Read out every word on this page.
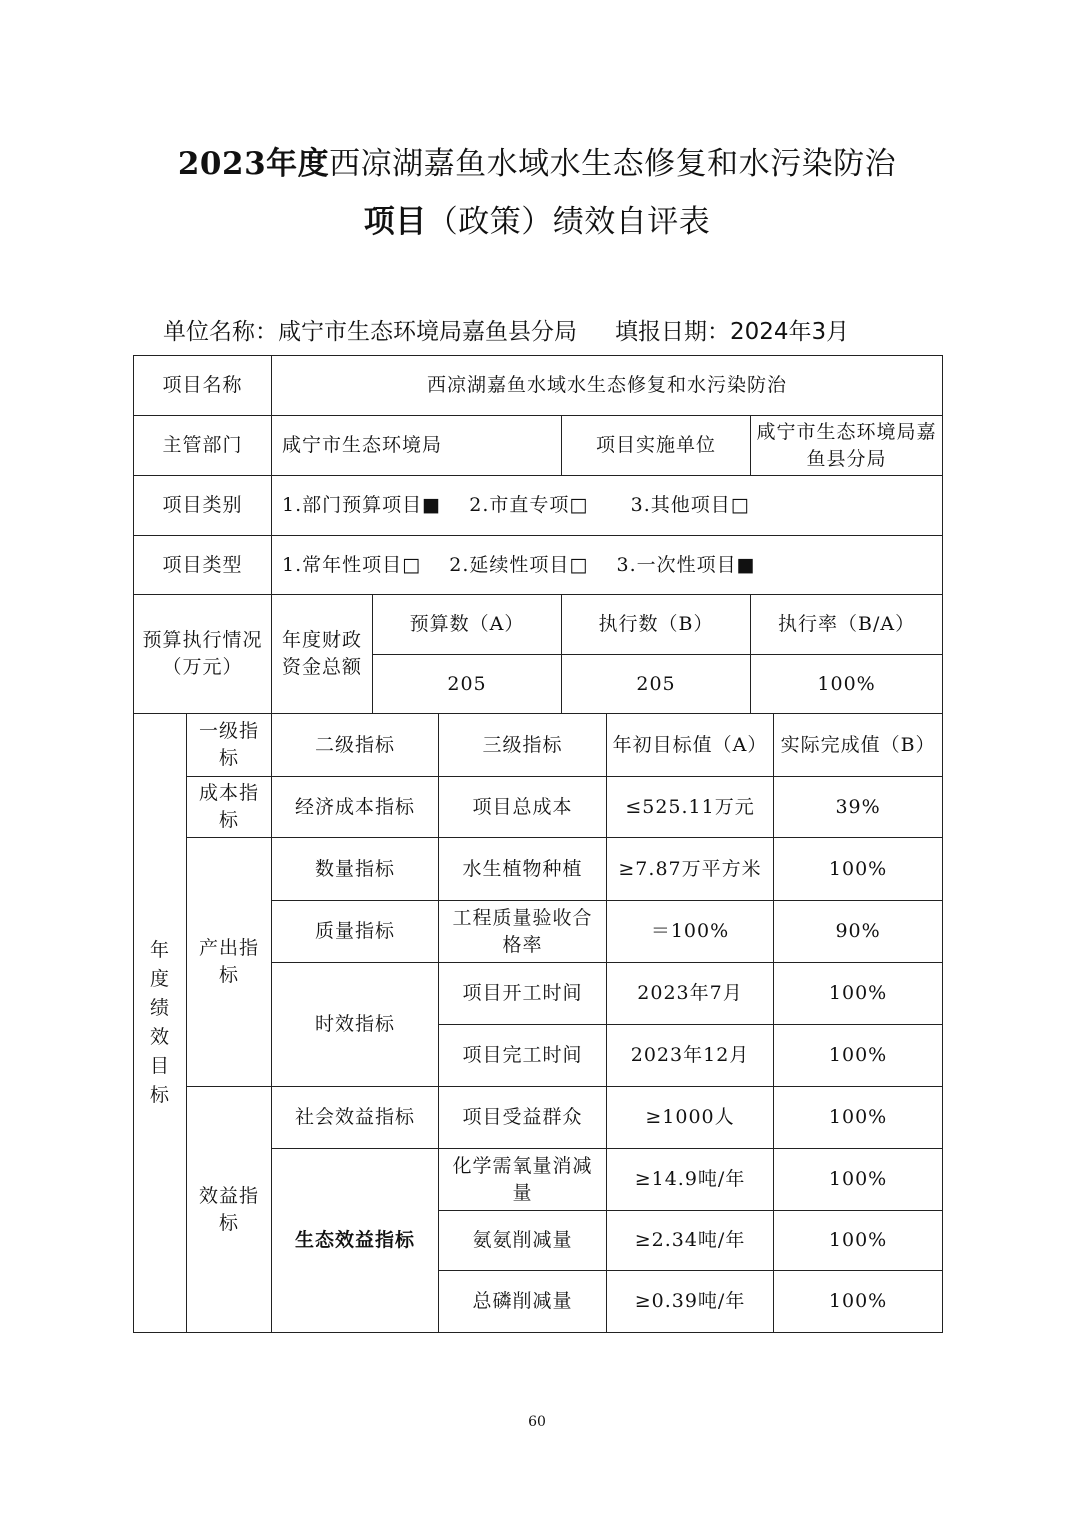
2023年度西凉湖嘉鱼水域水生态修复和水污染防治
项目（政策）绩效自评表
单位名称：咸宁市生态环境局嘉鱼县分局 填报日期：2024年3月
项目名称		西凉湖嘉鱼水域水生态修复和水污染防治						
主管部门		咸宁市生态环境局			项目实施单位		咸宁市生态环境局嘉鱼县分局	
项目类别		1.部门预算项目■ 2.市直专项□ 3.其他项目□						
项目类型		1.常年性项目□ 2.延续性项目□ 3.一次性项目■						
预算执行情况（万元）		年度财政资金总额	预算数（A）		执行数（B）		执行率（B/A）	
			205		205		100%	
年度绩效目标	一级指标	二级指标		三级指标		年初目标值（A）		实际完成值（B）
	成本指标	经济成本指标		项目总成本		≤525.11万元		39%
	产出指标	数量指标		水生植物种植		≥7.87万平方米		100%
		质量指标		工程质量验收合格率		＝100%		90%
		时效指标		项目开工时间		2023年7月		100%
				项目完工时间		2023年12月		100%
	效益指标	社会效益指标		项目受益群众		≥1000人		100%
		生态效益指标		化学需氧量消减量		≥14.9吨/年		100%
				氨氨削减量		≥2.34吨/年		100%
				总磷削减量		≥0.39吨/年		100%
60
